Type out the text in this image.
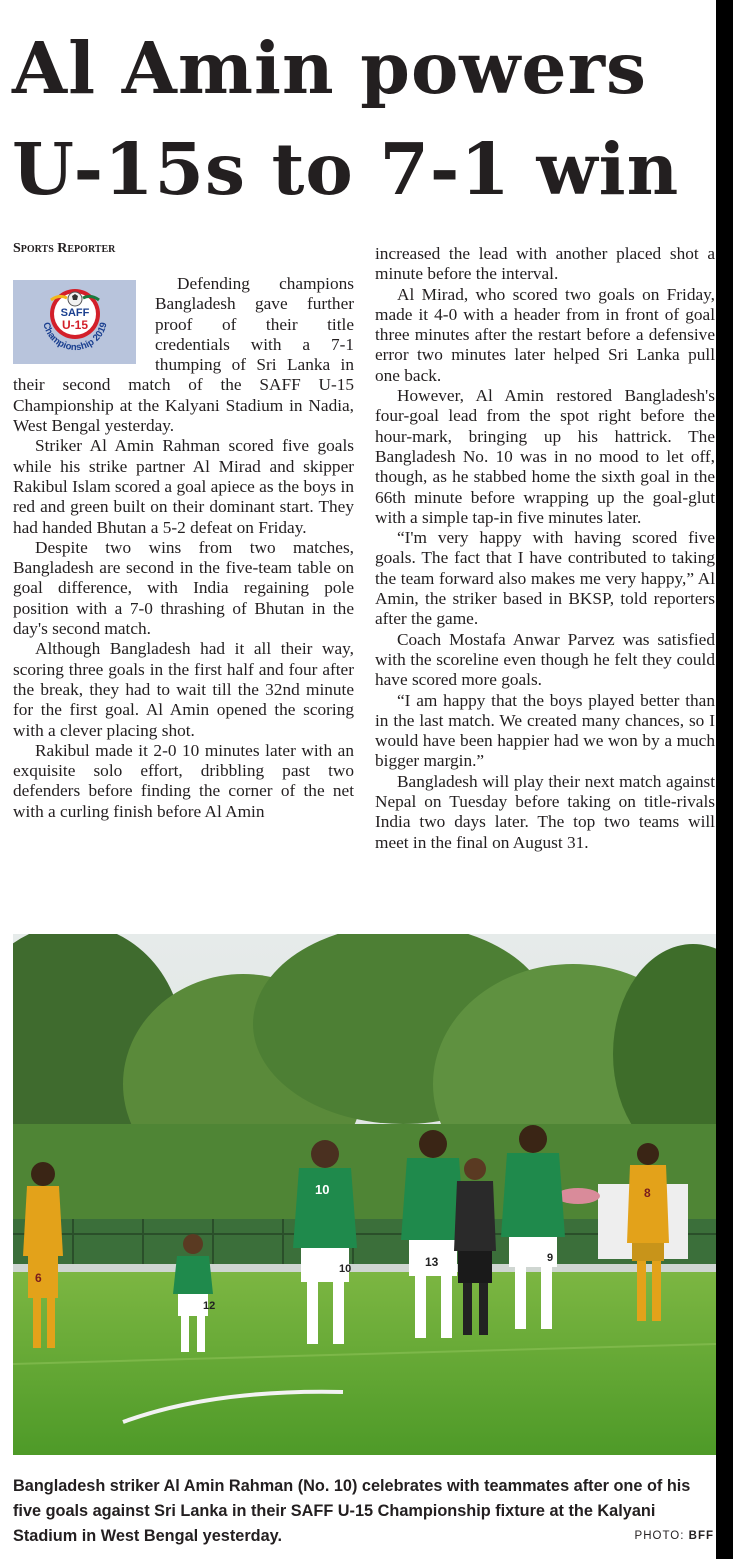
Al Amin powers
U-15s to 7-1 win
Sports Reporter
SAFF
U-15
Championship 2019

Defending champions Bangladesh gave further proof of their title credentials with a 7-1 thumping of Sri Lanka in their second match of the SAFF U-15 Championship at the Kalyani Stadium in Nadia, West Bengal yesterday.

Striker Al Amin Rahman scored five goals while his strike partner Al Mirad and skipper Rakibul Islam scored a goal apiece as the boys in red and green built on their dominant start. They had handed Bhutan a 5-2 defeat on Friday.

Despite two wins from two matches, Bangladesh are second in the five-team table on goal difference, with India regaining pole position with a 7-0 thrashing of Bhutan in the day's second match.

Although Bangladesh had it all their way, scoring three goals in the first half and four after the break, they had to wait till the 32nd minute for the first goal. Al Amin opened the scoring with a clever placing shot.

Rakibul made it 2-0 10 minutes later with an exquisite solo effort, dribbling past two defenders before finding the corner of the net with a curling finish before Al Amin

increased the lead with another placed shot a minute before the interval.

Al Mirad, who scored two goals on Friday, made it 4-0 with a header from in front of goal three minutes after the restart before a defensive error two minutes later helped Sri Lanka pull one back.

However, Al Amin restored Bangladesh's four-goal lead from the spot right before the hour-mark, bringing up his hattrick. The Bangladesh No. 10 was in no mood to let off, though, as he stabbed home the sixth goal in the 66th minute before wrapping up the goal-glut with a simple tap-in five minutes later.

“I'm very happy with having scored five goals. The fact that I have contributed to taking the team forward also makes me very happy,” Al Amin, the striker based in BKSP, told reporters after the game.

Coach Mostafa Anwar Parvez was satisfied with the scoreline even though he felt they could have scored more goals.

“I am happy that the boys played better than in the last match. We created many chances, so I would have been happier had we won by a much bigger margin.”

Bangladesh will play their next match against Nepal on Tuesday before taking on title-rivals India two days later. The top two teams will meet in the final on August 31.

6
12
10
10	13	9
8
Bangladesh striker Al Amin Rahman (No. 10) celebrates with teammates after one of his five goals against Sri Lanka in their SAFF U-15 Championship fixture at the Kalyani Stadium in West Bengal yesterday.	PHOTO: BFF
